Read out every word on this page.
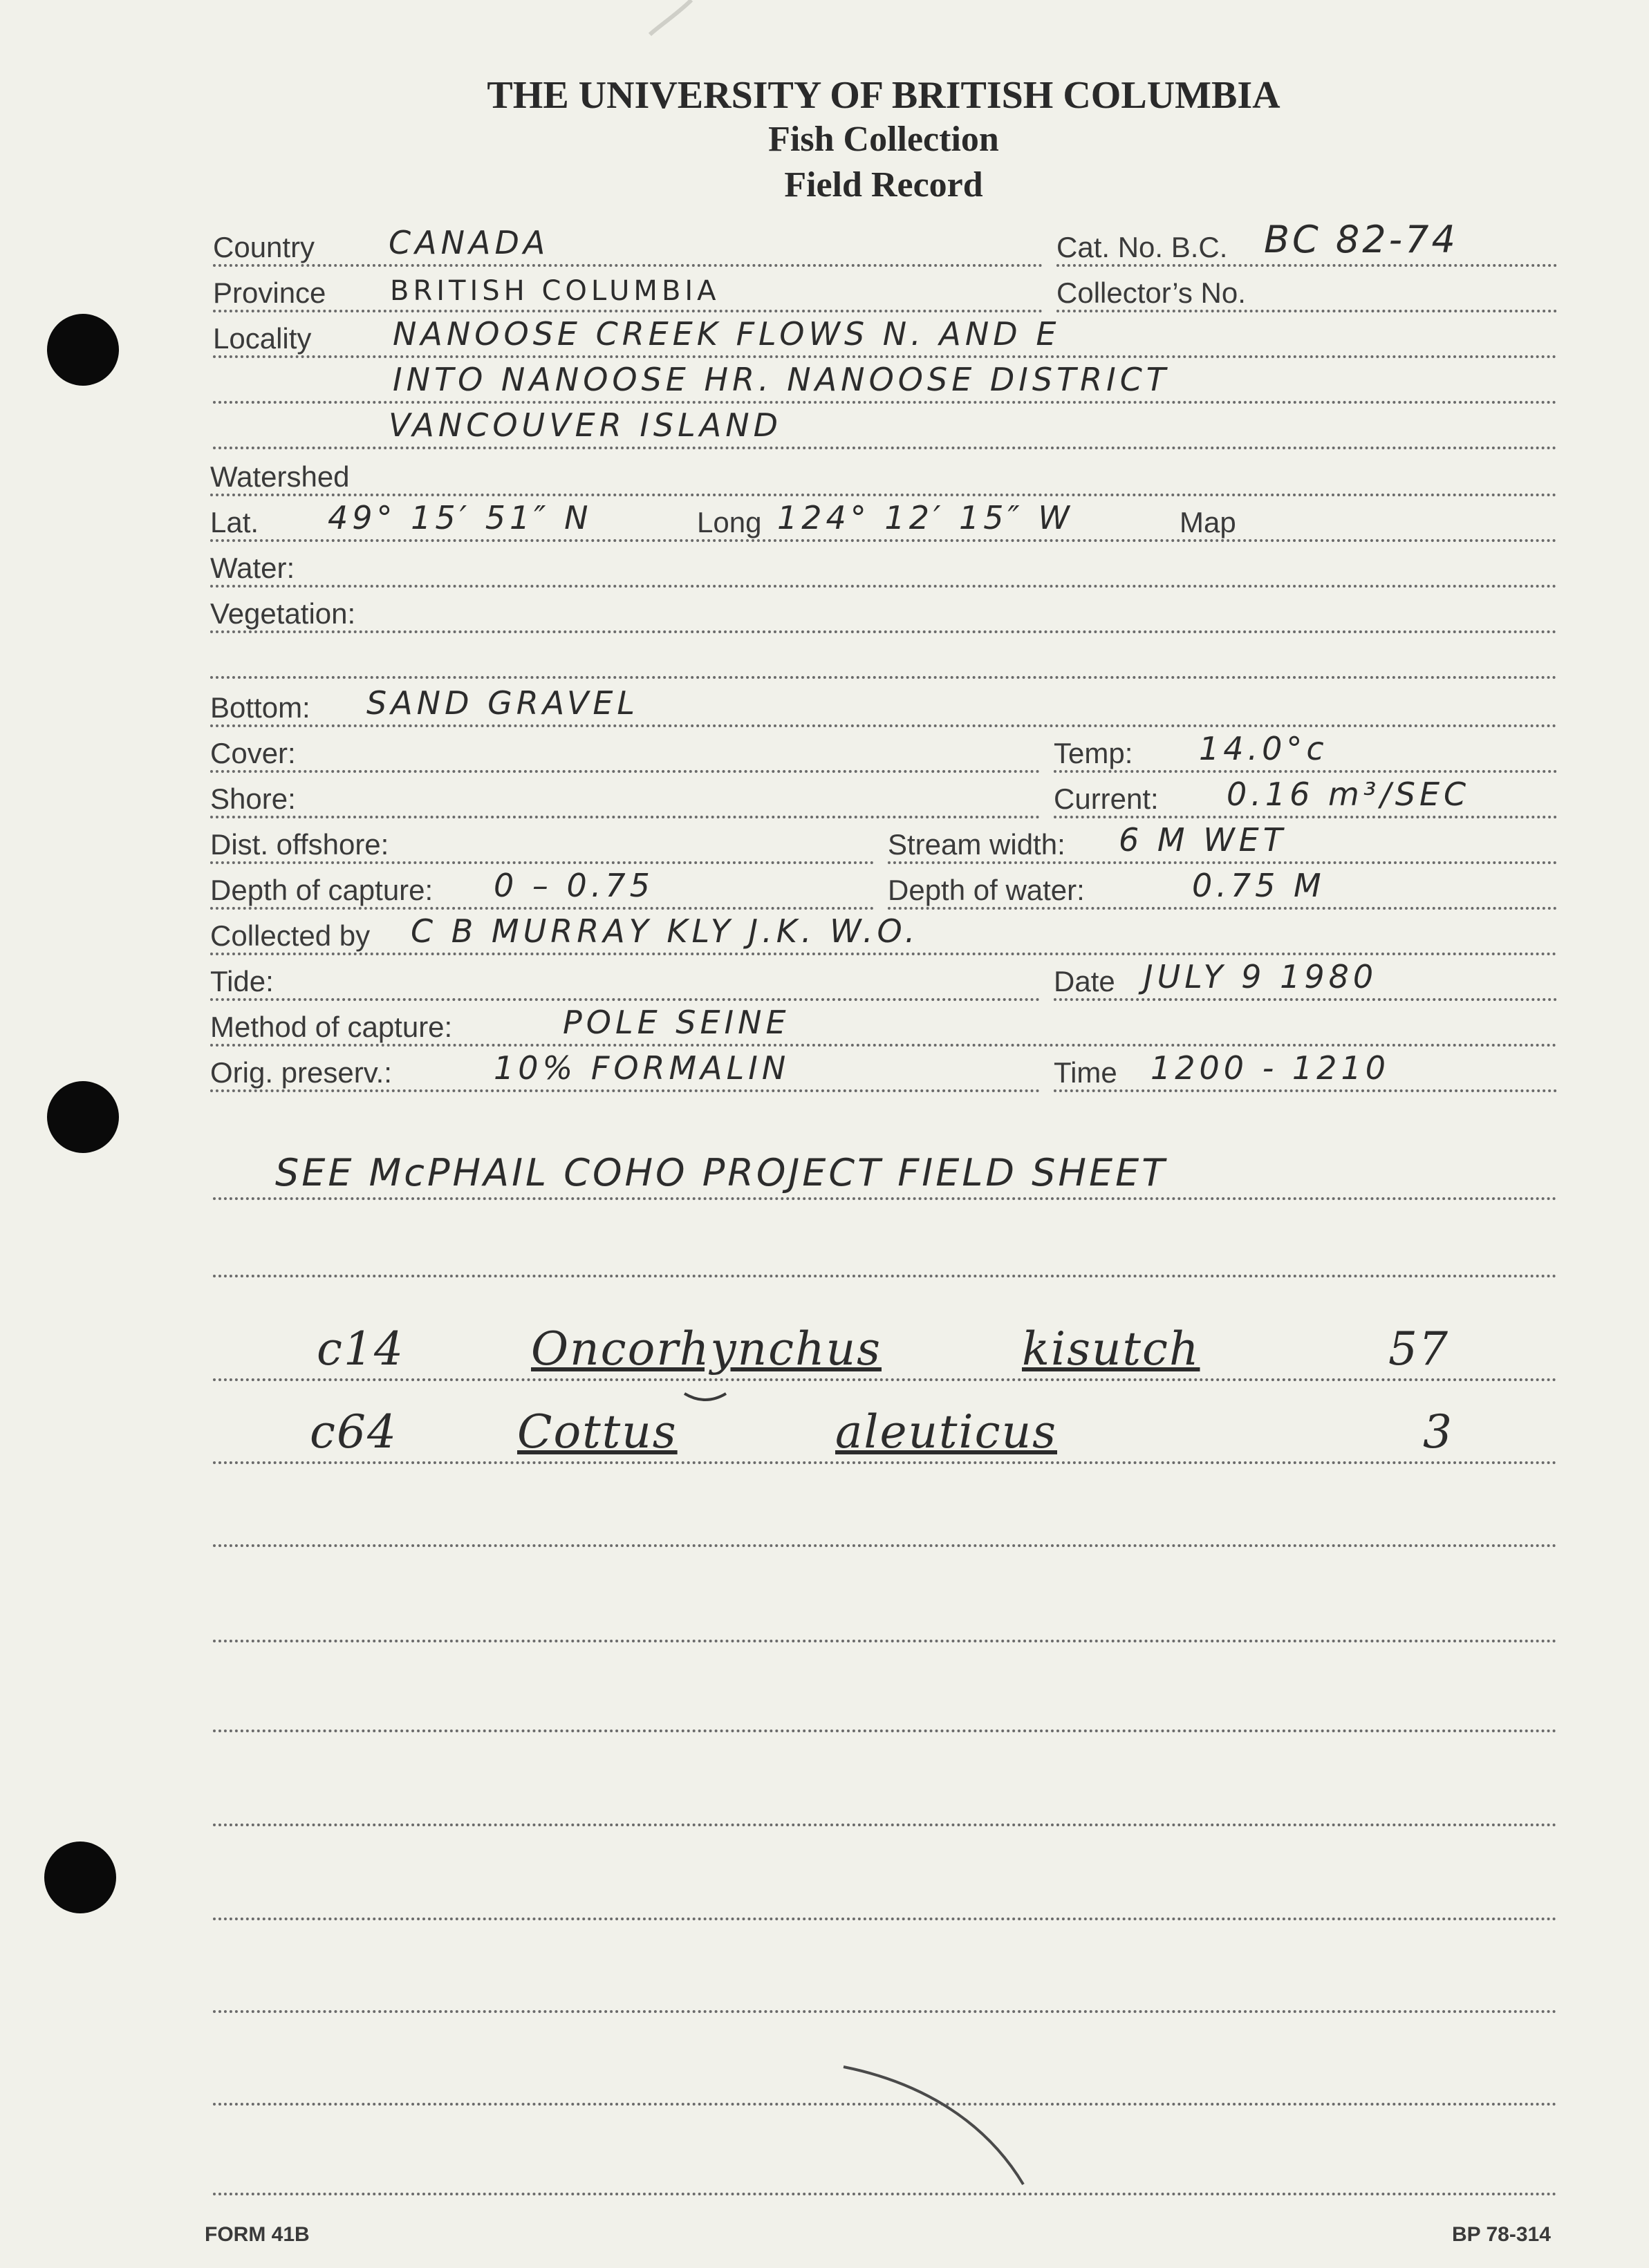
THE UNIVERSITY OF BRITISH COLUMBIA
Fish Collection
Field Record
Country CANADA	Cat. No. B.C. BC 82-74
Province BRITISH COLUMBIA	Collector’s No.
Locality	NANOOSE CREEK FLOWS N. AND E
INTO NANOOSE HR. NANOOSE DISTRICT
VANCOUVER ISLAND
Watershed
Lat. 49° 15′ 51″ N	Long 124° 12′ 15″ W	Map
Water:
Vegetation:
Bottom: SAND GRAVEL
Cover:	Temp: 14.0°c
Shore:	Current: 0.16 m³/SEC
Dist. offshore:	Stream width: 6 M WET
Depth of capture: 0 – 0.75	Depth of water:	0.75 M
Collected by C B MURRAY KLY J.K. W.O.
Tide:	Date JULY 9 1980
Method of capture:	POLE SEINE
Orig. preserv.:	10% FORMALIN	Time 1200 - 1210
SEE McPHAIL COHO PROJECT FIELD SHEET
c14	Oncorhynchus	kisutch	57
c64	Cottus	aleuticus	3
FORM 41B	BP 78-314
